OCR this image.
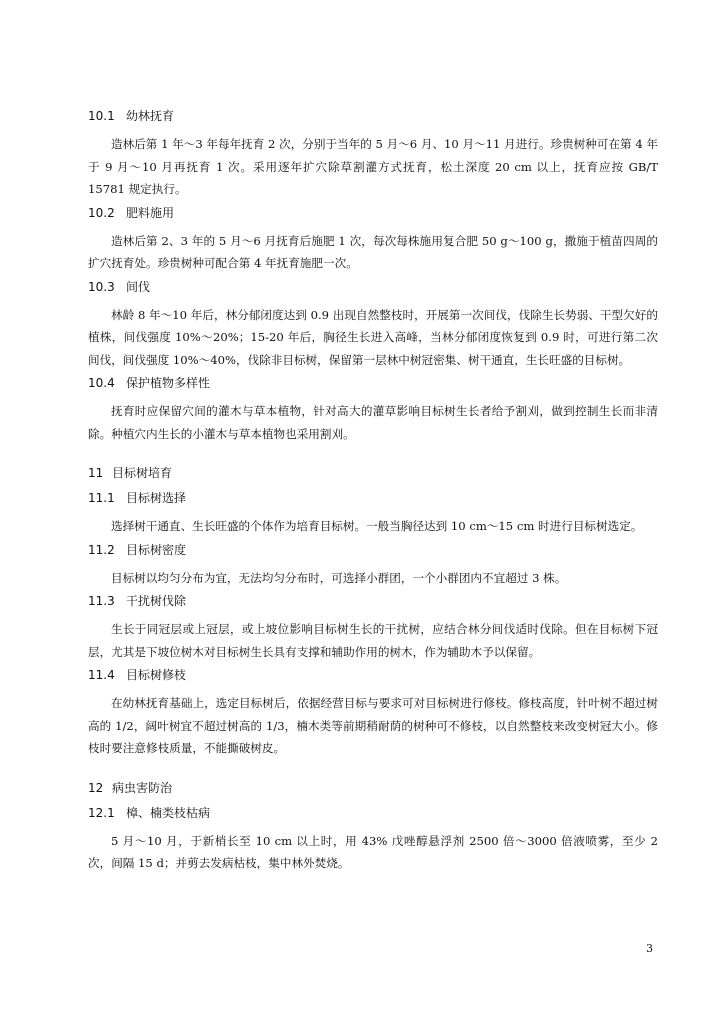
10.1 幼林抚育

造林后第 1 年～3 年每年抚育 2 次，分别于当年的 5 月～6 月、10 月～11 月进行。珍贵树种可在第 4 年于 9 月～10 月再抚育 1 次。采用逐年扩穴除草割灌方式抚育，松土深度 20 cm 以上，抚育应按 GB/T 15781 规定执行。

10.2 肥料施用

造林后第 2、3 年的 5 月～6 月抚育后施肥 1 次，每次每株施用复合肥 50 g～100 g，撒施于植苗四周的扩穴抚育处。珍贵树种可配合第 4 年抚育施肥一次。

10.3 间伐

林龄 8 年～10 年后，林分郁闭度达到 0.9 出现自然整枝时，开展第一次间伐，伐除生长势弱、干型欠好的植株，间伐强度 10%～20%；15-20 年后，胸径生长进入高峰，当林分郁闭度恢复到 0.9 时，可进行第二次间伐，间伐强度 10%～40%，伐除非目标树，保留第一层林中树冠密集、树干通直，生长旺盛的目标树。

10.4 保护植物多样性

抚育时应保留穴间的灌木与草本植物，针对高大的灌草影响目标树生长者给予割刈，做到控制生长而非清除。种植穴内生长的小灌木与草本植物也采用割刈。

11 目标树培育
11.1 目标树选择

选择树干通直、生长旺盛的个体作为培育目标树。一般当胸径达到 10 cm～15 cm 时进行目标树选定。

11.2 目标树密度

目标树以均匀分布为宜，无法均匀分布时，可选择小群团，一个小群团内不宜超过 3 株。

11.3 干扰树伐除

生长于同冠层或上冠层，或上坡位影响目标树生长的干扰树，应结合林分间伐适时伐除。但在目标树下冠层，尤其是下坡位树木对目标树生长具有支撑和辅助作用的树木，作为辅助木予以保留。

11.4 目标树修枝

在幼林抚育基础上，选定目标树后，依据经营目标与要求可对目标树进行修枝。修枝高度，针叶树不超过树高的 1/2，阔叶树宜不超过树高的 1/3，楠木类等前期稍耐荫的树种可不修枝，以自然整枝来改变树冠大小。修枝时要注意修枝质量，不能撕破树皮。

12 病虫害防治
12.1 樟、楠类枝枯病

5 月～10 月，于新梢长至 10 cm 以上时，用 43% 戊唑醇悬浮剂 2500 倍～3000 倍液喷雾，至少 2 次，间隔 15 d；并剪去发病枯枝，集中林外焚烧。

3
